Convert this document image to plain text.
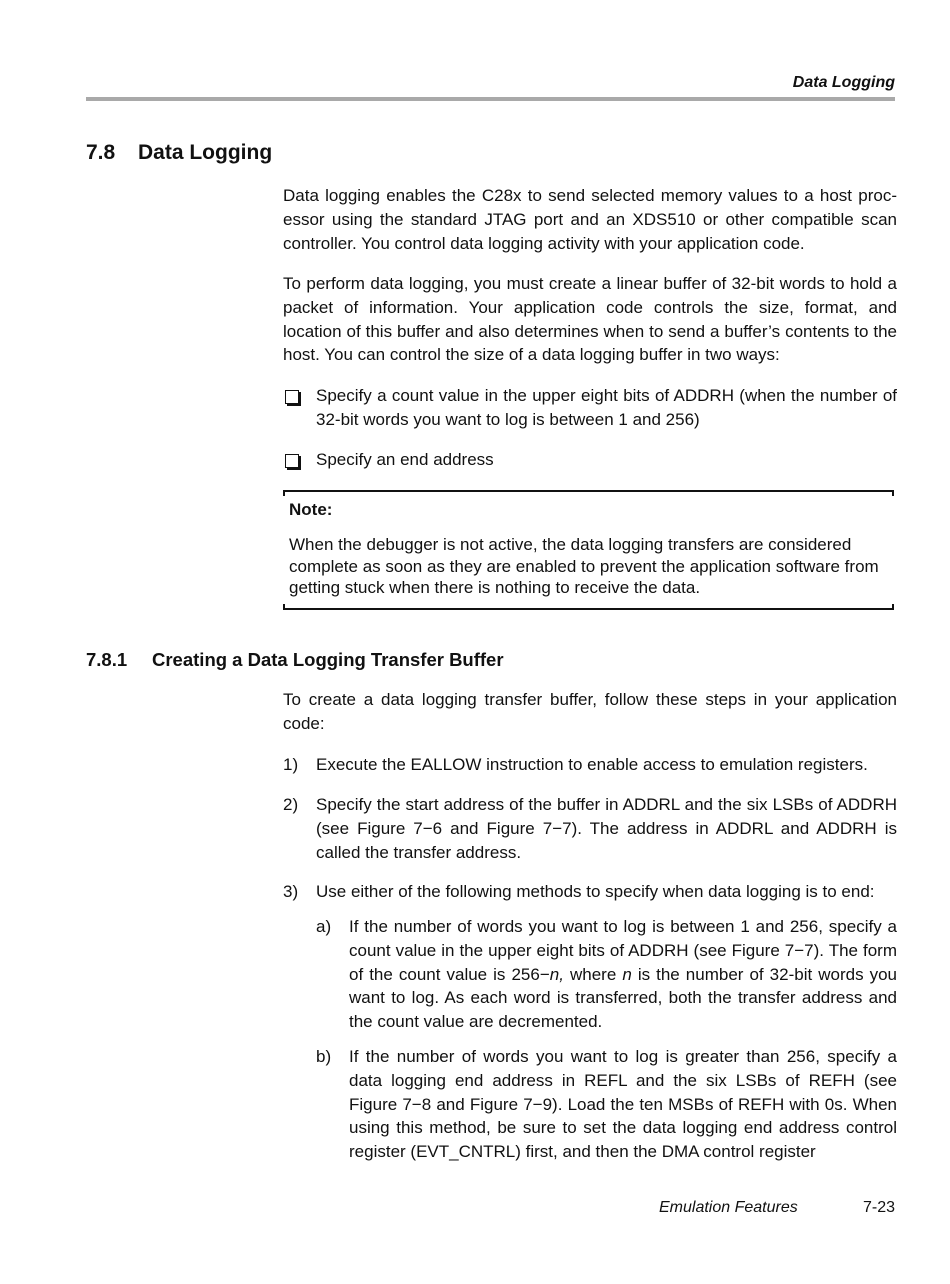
Data Logging
7.8 Data Logging

Data logging enables the C28x to send selected memory values to a host processor using the standard JTAG port and an XDS510 or other compatible scan controller. You control data logging activity with your application code.

To perform data logging, you must create a linear buffer of 32-bit words to hold a packet of information. Your application code controls the size, format, and location of this buffer and also determines when to send a buffer’s contents to the host. You can control the size of a data logging buffer in two ways:

Specify a count value in the upper eight bits of ADDRH (when the number of 32-bit words you want to log is between 1 and 256)
Specify an end address
Note:
When the debugger is not active, the data logging transfers are considered complete as soon as they are enabled to prevent the application software from getting stuck when there is nothing to receive the data.
7.8.1 Creating a Data Logging Transfer Buffer

To create a data logging transfer buffer, follow these steps in your application code:

1) Execute the EALLOW instruction to enable access to emulation registers.
2) Specify the start address of the buffer in ADDRL and the six LSBs of ADDRH (see Figure 7−6 and Figure 7−7). The address in ADDRL and ADDRH is called the transfer address.
3) Use either of the following methods to specify when data logging is to end:
a) If the number of words you want to log is between 1 and 256, specify a count value in the upper eight bits of ADDRH (see Figure 7−7). The form of the count value is 256−n, where n is the number of 32-bit words you want to log. As each word is transferred, both the transfer address and the count value are decremented.
b) If the number of words you want to log is greater than 256, specify a data logging end address in REFL and the six LSBs of REFH (see Figure 7−8 and Figure 7−9). Load the ten MSBs of REFH with 0s. When using this method, be sure to set the data logging end address control register (EVT_CNTRL) first, and then the DMA control register
Emulation Features	7-23
